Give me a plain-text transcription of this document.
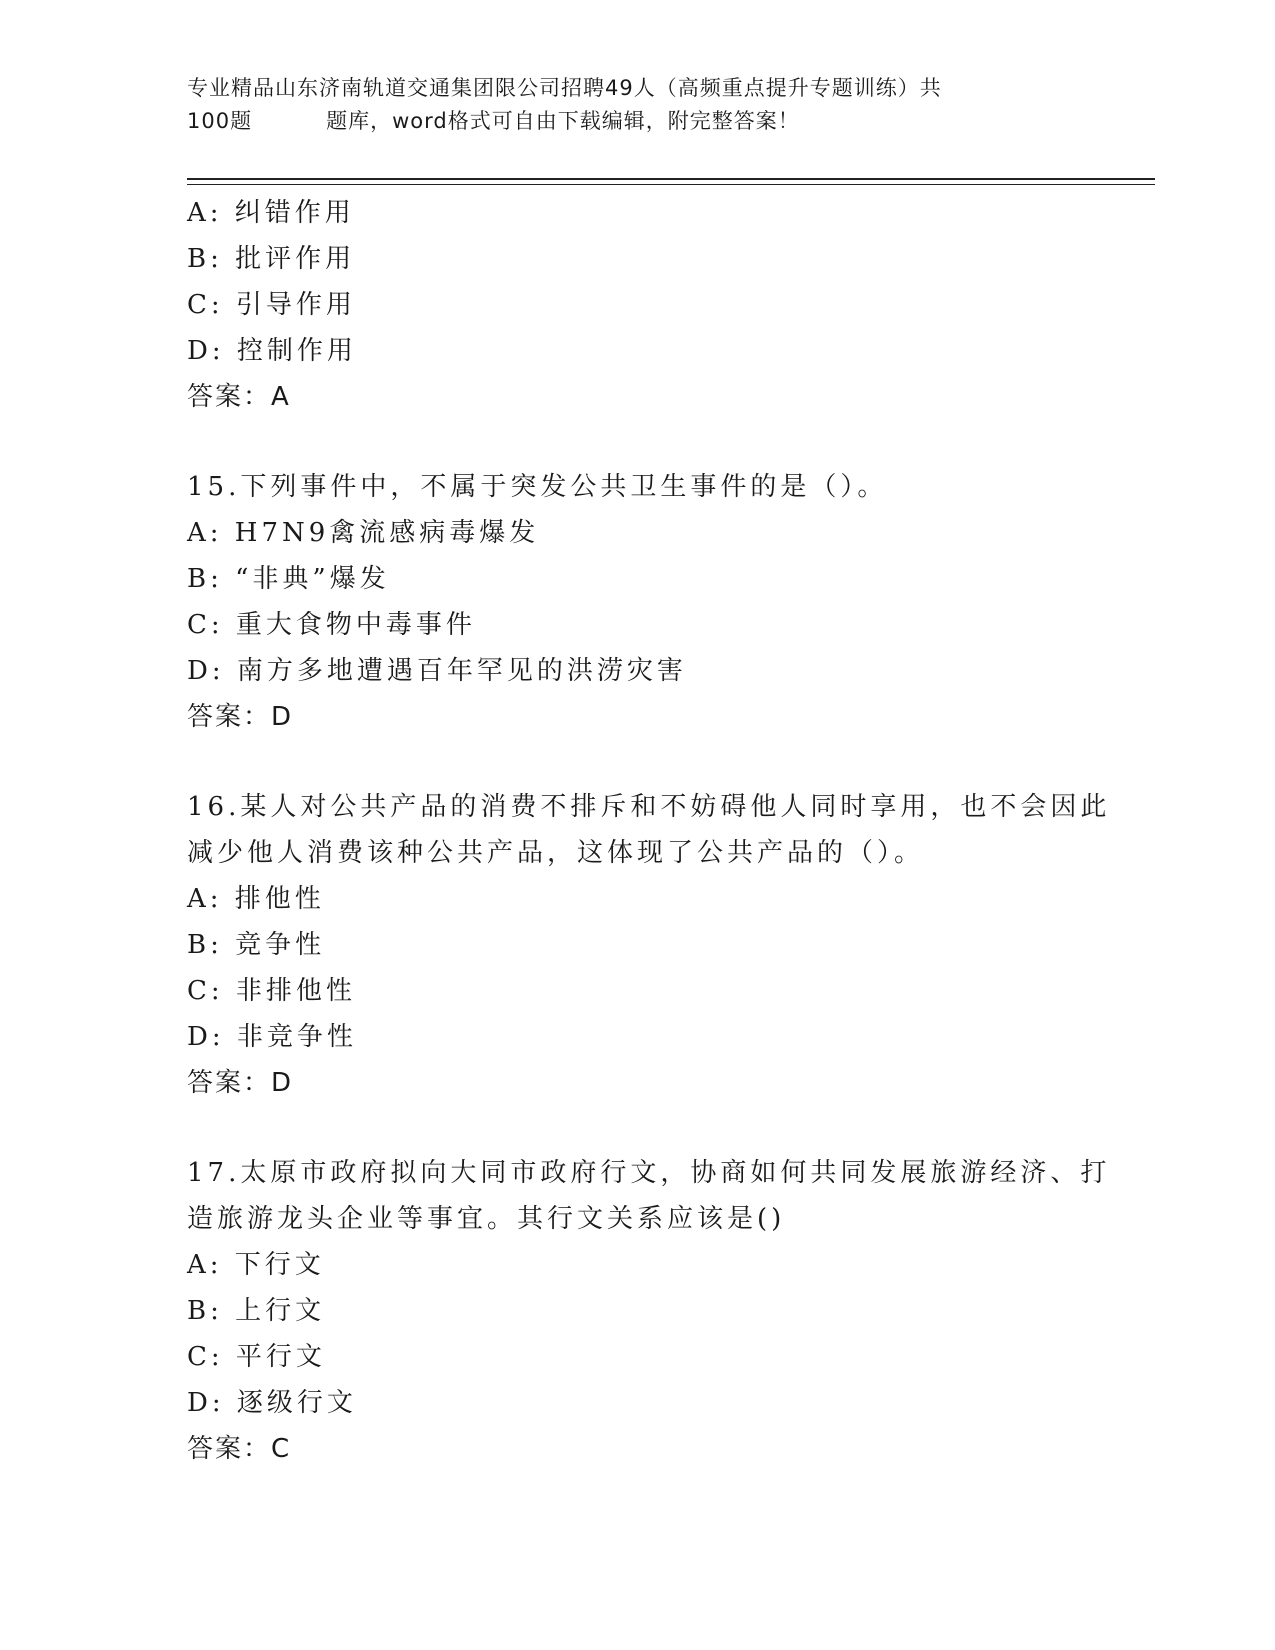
专业精品山东济南轨道交通集团限公司招聘49人（高频重点提升专题训练）共
100题	题库，word格式可自由下载编辑，附完整答案！
A: 纠错作用
B: 批评作用
C: 引导作用
D: 控制作用
答案：A
15.下列事件中，不属于突发公共卫生事件的是（）。
A: H7N9禽流感病毒爆发
B: “非典”爆发
C: 重大食物中毒事件
D: 南方多地遭遇百年罕见的洪涝灾害
答案：D
16.某人对公共产品的消费不排斥和不妨碍他人同时享用，也不会因此
减少他人消费该种公共产品，这体现了公共产品的（）。
A: 排他性
B: 竞争性
C: 非排他性
D: 非竞争性
答案：D
17.太原市政府拟向大同市政府行文，协商如何共同发展旅游经济、打
造旅游龙头企业等事宜。其行文关系应该是()
A: 下行文
B: 上行文
C: 平行文
D: 逐级行文
答案：C
